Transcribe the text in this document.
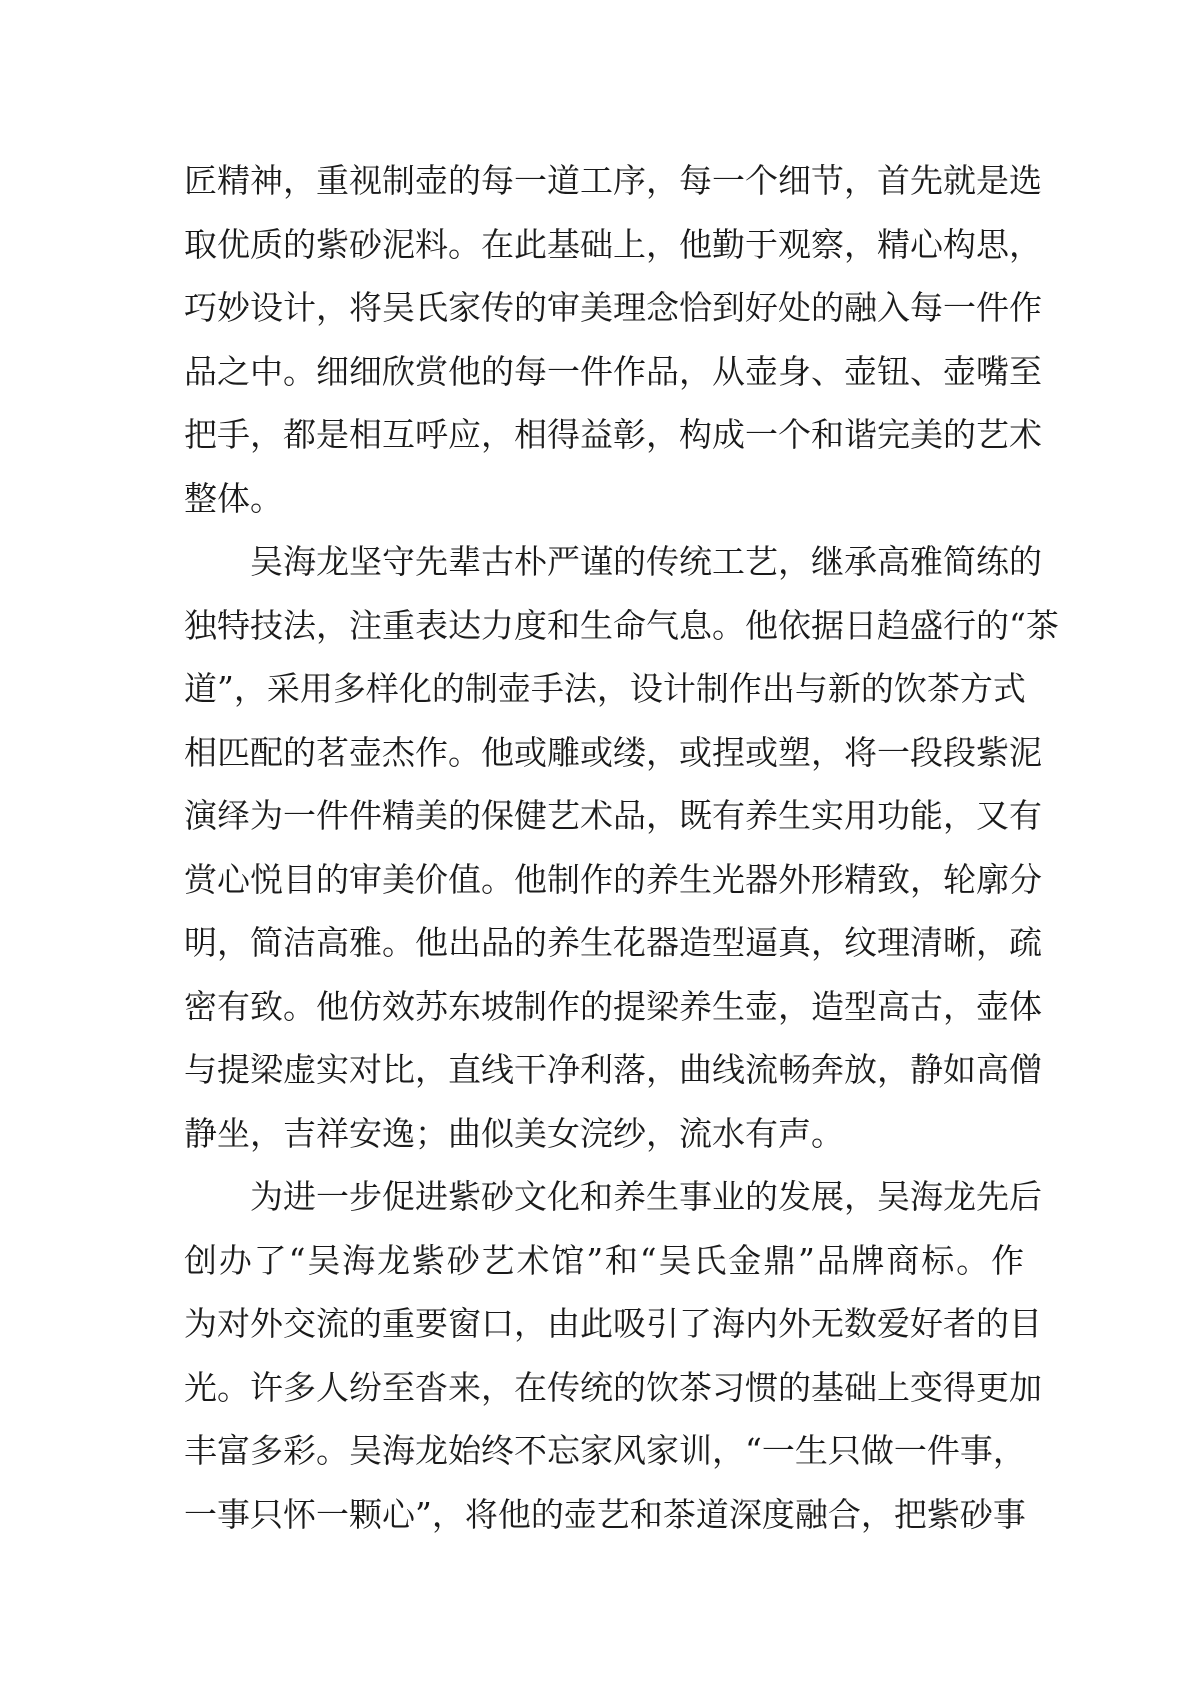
匠精神，重视制壶的每一道工序，每一个细节，首先就是选
取优质的紫砂泥料。在此基础上，他勤于观察，精心构思，
巧妙设计，将吴氏家传的审美理念恰到好处的融入每一件作
品之中。细细欣赏他的每一件作品，从壶身、壶钮、壶嘴至
把手，都是相互呼应，相得益彰，构成一个和谐完美的艺术
整体。
吴海龙坚守先辈古朴严谨的传统工艺，继承高雅简练的
独特技法，注重表达力度和生命气息。他依据日趋盛行的“茶
道”，采用多样化的制壶手法，设计制作出与新的饮茶方式
相匹配的茗壶杰作。他或雕或缕，或捏或塑，将一段段紫泥
演绎为一件件精美的保健艺术品，既有养生实用功能，又有
赏心悦目的审美价值。他制作的养生光器外形精致，轮廓分
明，简洁高雅。他出品的养生花器造型逼真，纹理清晰，疏
密有致。他仿效苏东坡制作的提梁养生壶，造型高古，壶体
与提梁虚实对比，直线干净利落，曲线流畅奔放，静如高僧
静坐，吉祥安逸；曲似美女浣纱，流水有声。
为进一步促进紫砂文化和养生事业的发展，吴海龙先后
创办了“吴海龙紫砂艺术馆”和“吴氏金鼎”品牌商标。作
为对外交流的重要窗口，由此吸引了海内外无数爱好者的目
光。许多人纷至沓来，在传统的饮茶习惯的基础上变得更加
丰富多彩。吴海龙始终不忘家风家训，“一生只做一件事，
一事只怀一颗心”，将他的壶艺和茶道深度融合，把紫砂事
